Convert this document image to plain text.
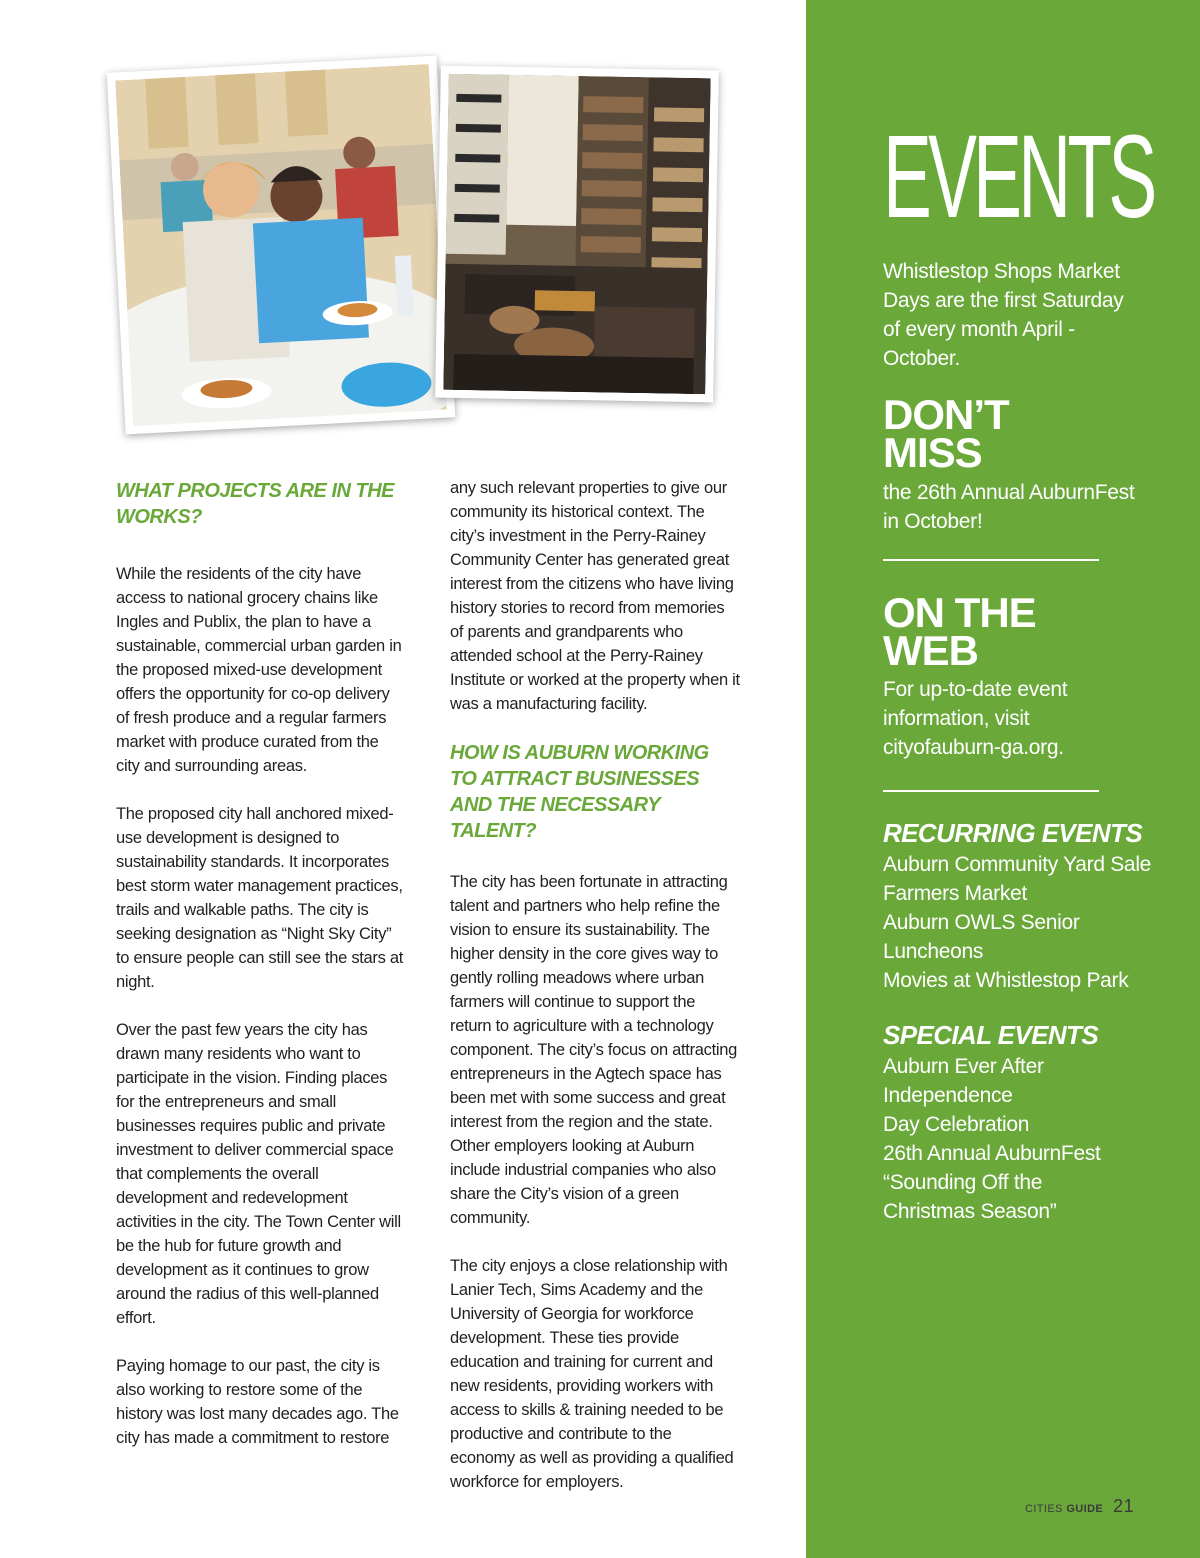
WHAT PROJECTS ARE IN THE WORKS?

While the residents of the city have access to national grocery chains like Ingles and Publix, the plan to have a sustainable, commercial urban garden in the proposed mixed-use development offers the opportunity for co-op delivery of fresh produce and a regular farmers market with produce curated from the city and surrounding areas.

The proposed city hall anchored mixed-use development is designed to sustainability standards. It incorporates best storm water management practices, trails and walkable paths. The city is seeking designation as “Night Sky City” to ensure people can still see the stars at night.

Over the past few years the city has drawn many residents who want to participate in the vision. Finding places for the entrepreneurs and small businesses requires public and private investment to deliver commercial space that complements the overall development and redevelopment activities in the city. The Town Center will be the hub for future growth and development as it continues to grow around the radius of this well-planned effort.

Paying homage to our past, the city is also working to restore some of the history was lost many decades ago. The city has made a commitment to restore

any such relevant properties to give our community its historical context. The city’s investment in the Perry-Rainey Community Center has generated great interest from the citizens who have living history stories to record from memories of parents and grandparents who attended school at the Perry-Rainey Institute or worked at the property when it was a manufacturing facility.

HOW IS AUBURN WORKING TO ATTRACT BUSINESSES AND THE NECESSARY TALENT?

The city has been fortunate in attracting talent and partners who help refine the vision to ensure its sustainability. The higher density in the core gives way to gently rolling meadows where urban farmers will continue to support the return to agriculture with a technology component. The city’s focus on attracting entrepreneurs in the Agtech space has been met with some success and great interest from the region and the state. Other employers looking at Auburn include industrial companies who also share the City’s vision of a green community.

The city enjoys a close relationship with Lanier Tech, Sims Academy and the University of Georgia for workforce development. These ties provide education and training for current and new residents, providing workers with access to skills & training needed to be productive and contribute to the economy as well as providing a qualified workforce for employers.

EVENTS
Whistlestop Shops Market Days are the first Saturday of every month April - October.
DON’T MISS
the 26th Annual AuburnFest in October!
ON THE WEB
For up-to-date event information, visit cityofauburn-ga.org.
RECURRING EVENTS
Auburn Community Yard Sale
Farmers Market
Auburn OWLS Senior Luncheons
Movies at Whistlestop Park
SPECIAL EVENTS
Auburn Ever After
Independence Day Celebration
26th Annual AuburnFest
“Sounding Off the Christmas Season”
CITIES GUIDE 21
